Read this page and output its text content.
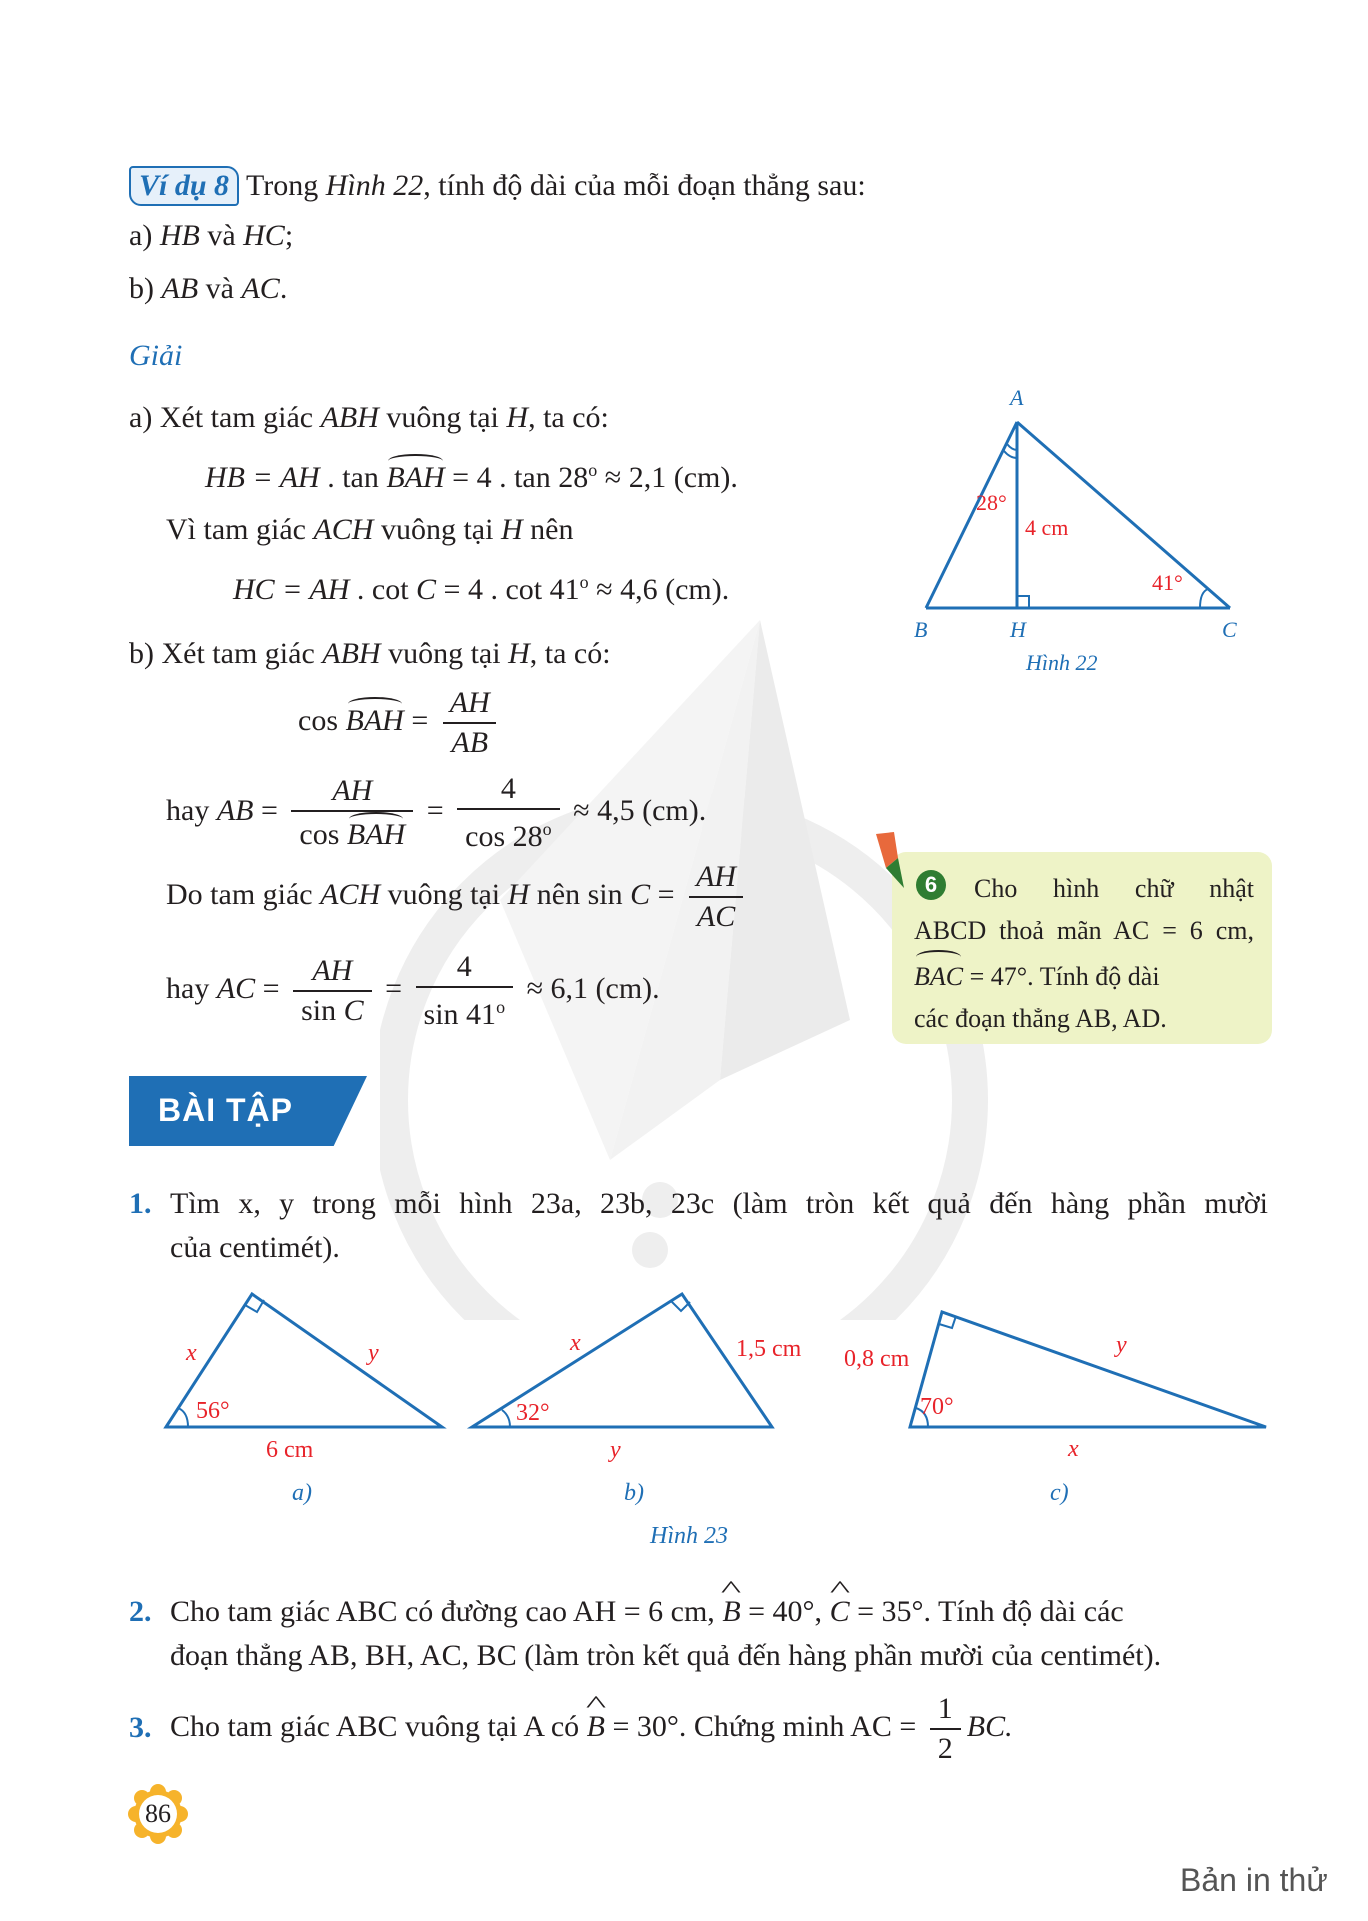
Ví dụ 8 Trong Hình 22, tính độ dài của mỗi đoạn thẳng sau:
a) HB và HC;
b) AB và AC.
Giải
a) Xét tam giác ABH vuông tại H, ta có:
HB = AH . tan BAH = 4 . $\tan 28^o \approx 2,1$ (cm).
Vì tam giác ACH vuông tại H nên
HC = AH . cot C = 4 . $\cot 41^o \approx 4,6$ (cm).
b) Xét tam giác ABH vuông tại H, ta có:
cos BAH = $\frac{AH}{AB}$
hay AB = $\frac{AH}{\text{cos BAH}} = \frac{4}{\cos 28^o} \approx 4,5$ (cm).
Do tam giác ACH vuông tại H nên $\sin C = \frac{AH}{AC}$
hay AC = $\frac{AH}{\text{sin C}} = \frac{4}{\sin 41^o} \approx 6,1$ (cm).
A
B	H	C
28°
4 cm
41°
Hình 22
6	Cho hình chữ nhật
ABCD thoả mãn AC = 6 cm,
BAC = 47°. Tính độ dài
các đoạn thẳng AB, AD.
BÀI TẬP
1. Tìm x, y trong mỗi hình 23a, 23b, 23c (làm tròn kết quả đến hàng phần mười
của centimét).
x	y
56°
6 cm
a)
x	1,5 cm
32°
y
b)
0,8 cm
y
70°
x
c)
Hình 23
2. Cho tam giác ABC có đường cao AH = 6 cm, ^ B = 40°, ^ C = 35°. Tính độ dài các
đoạn thẳng AB, BH, AC, BC (làm tròn kết quả đến hàng phần mười của centimét).
3. Cho tam giác ABC vuông tại A có ^ B = 30°. Chứng minh AC = $\frac{1}{2}$ BC.
86
Bản in thử
